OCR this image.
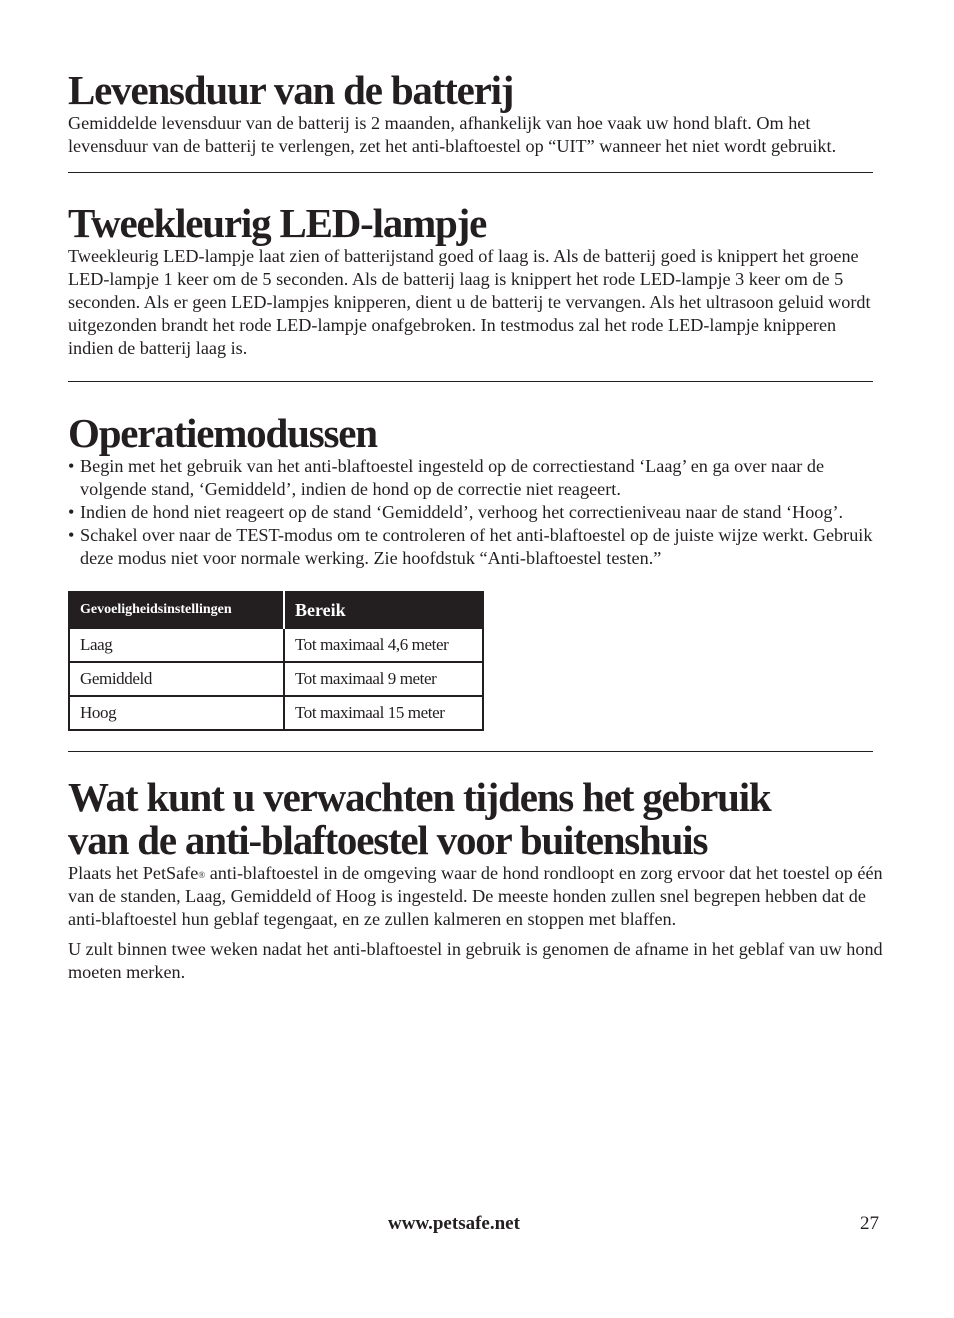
Levensduur van de batterij

Gemiddelde levensduur van de batterij is 2 maanden, afhankelijk van hoe vaak uw hond blaft. Om het levensduur van de batterij te verlengen, zet het anti-blaftoestel op “UIT” wanneer het niet wordt gebruikt.

Tweekleurig LED-lampje

Tweekleurig LED-lampje laat zien of batterijstand goed of laag is. Als de batterij goed is knippert het groene LED-lampje 1 keer om de 5 seconden. Als de batterij laag is knippert het rode LED-lampje 3 keer om de 5 seconden. Als er geen LED-lampjes knipperen, dient u de batterij te vervangen. Als het ultrasoon geluid wordt uitgezonden brandt het rode LED-lampje onafgebroken. In testmodus zal het rode LED-lampje knipperen indien de batterij laag is.

Operatiemodussen
• Begin met het gebruik van het anti-blaftoestel ingesteld op de correctiestand ‘Laag’ en ga over naar de volgende stand, ‘Gemiddeld’, indien de hond op de correctie niet reageert.
• Indien de hond niet reageert op de stand ‘Gemiddeld’, verhoog het correctieniveau naar de stand ‘Hoog’.
• Schakel over naar de TEST-modus om te controleren of het anti-blaftoestel op de juiste wijze werkt. Gebruik deze modus niet voor normale werking. Zie hoofdstuk “Anti-blaftoestel testen.”
Gevoeligheidsinstellingen	Bereik
Laag	Tot maximaal 4,6 meter
Gemiddeld	Tot maximaal 9 meter
Hoog	Tot maximaal 15 meter
Wat kunt u verwachten tijdens het gebruik
van de anti-blaftoestel voor buitenshuis

Plaats het PetSafe® anti-blaftoestel in de omgeving waar de hond rondloopt en zorg ervoor dat het toestel op één van de standen, Laag, Gemiddeld of Hoog is ingesteld. De meeste honden zullen snel begrepen hebben dat de anti-blaftoestel hun geblaf tegengaat, en ze zullen kalmeren en stoppen met blaffen.

U zult binnen twee weken nadat het anti-blaftoestel in gebruik is genomen de afname in het geblaf van uw hond moeten merken.

www.petsafe.net	27
